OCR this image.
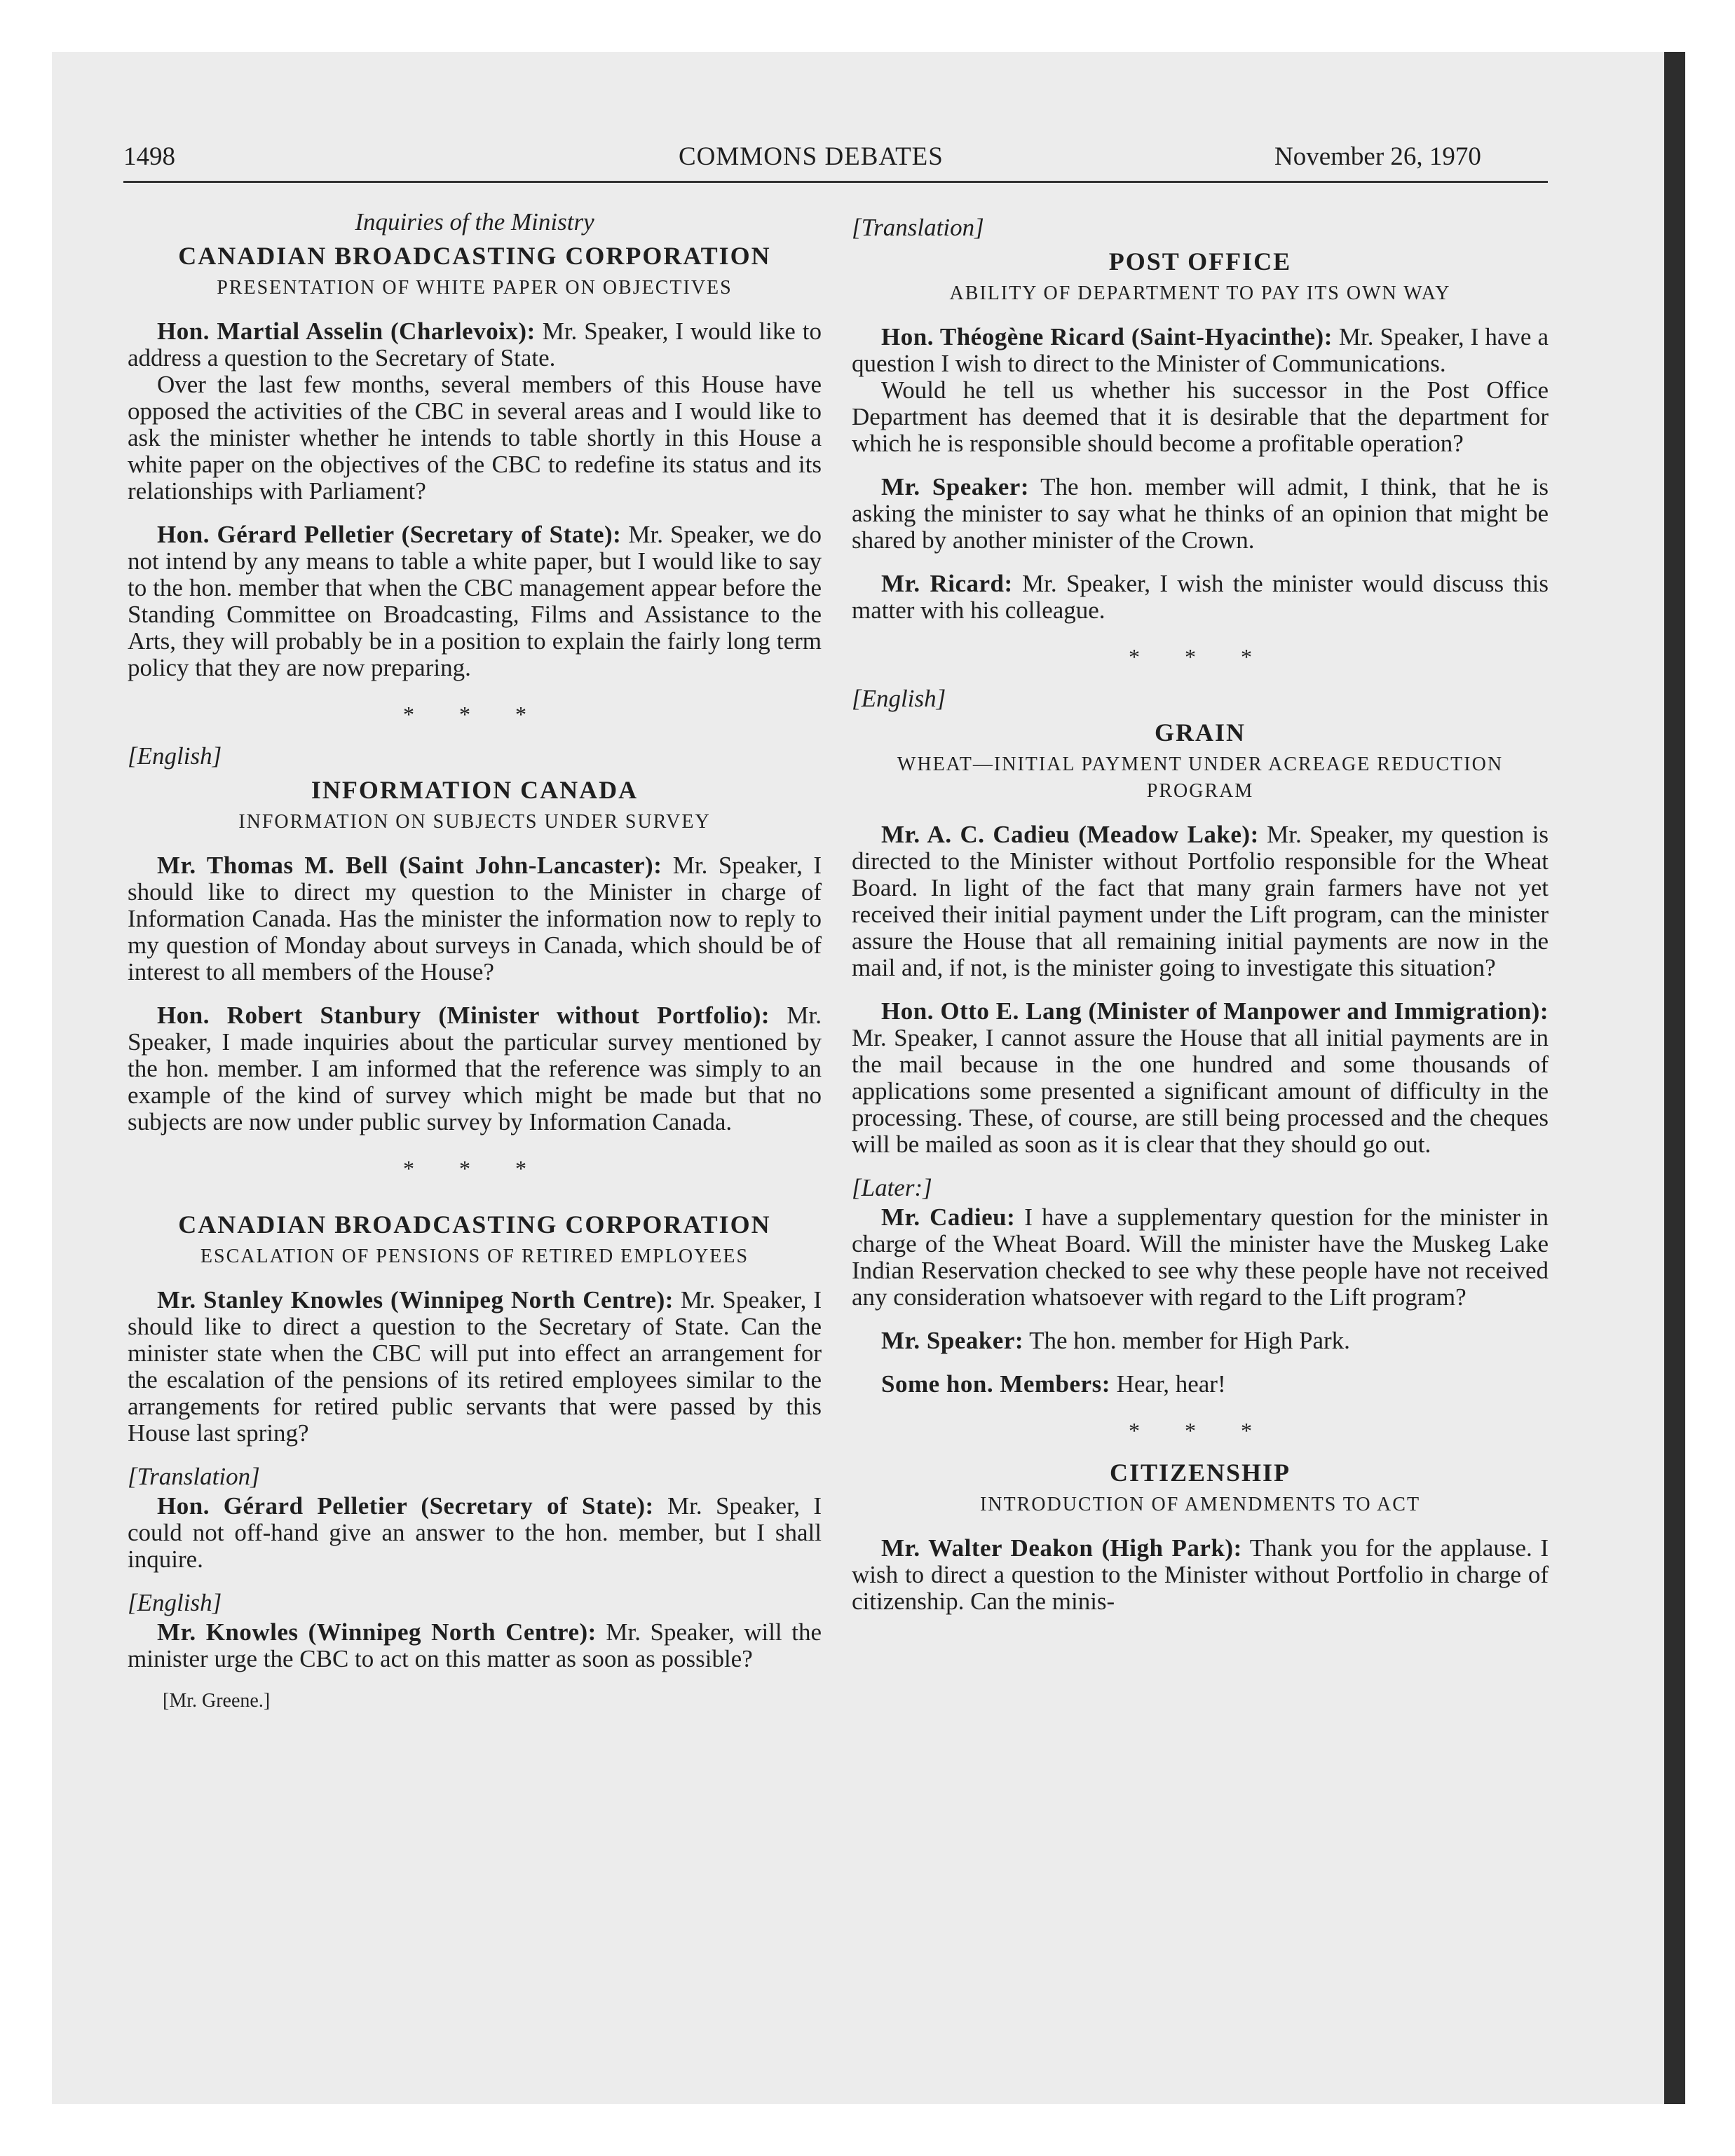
1498	COMMONS DEBATES	November 26, 1970
Inquiries of the Ministry
CANADIAN BROADCASTING CORPORATION
PRESENTATION OF WHITE PAPER ON OBJECTIVES

Hon. Martial Asselin (Charlevoix): Mr. Speaker, I would like to address a question to the Secretary of State.

Over the last few months, several members of this House have opposed the activities of the CBC in several areas and I would like to ask the minister whether he intends to table shortly in this House a white paper on the objectives of the CBC to redefine its status and its relationships with Parliament?

Hon. Gérard Pelletier (Secretary of State): Mr. Speaker, we do not intend by any means to table a white paper, but I would like to say to the hon. member that when the CBC management appear before the Standing Committee on Broadcasting, Films and Assistance to the Arts, they will probably be in a position to explain the fairly long term policy that they are now preparing.

* * *
[English]
INFORMATION CANADA
INFORMATION ON SUBJECTS UNDER SURVEY

Mr. Thomas M. Bell (Saint John-Lancaster): Mr. Speaker, I should like to direct my question to the Minister in charge of Information Canada. Has the minister the information now to reply to my question of Monday about surveys in Canada, which should be of interest to all members of the House?

Hon. Robert Stanbury (Minister without Portfolio): Mr. Speaker, I made inquiries about the particular survey mentioned by the hon. member. I am informed that the reference was simply to an example of the kind of survey which might be made but that no subjects are now under public survey by Information Canada.

* * *
CANADIAN BROADCASTING CORPORATION
ESCALATION OF PENSIONS OF RETIRED EMPLOYEES

Mr. Stanley Knowles (Winnipeg North Centre): Mr. Speaker, I should like to direct a question to the Secretary of State. Can the minister state when the CBC will put into effect an arrangement for the escalation of the pensions of its retired employees similar to the arrangements for retired public servants that were passed by this House last spring?

[Translation]

Hon. Gérard Pelletier (Secretary of State): Mr. Speaker, I could not off-hand give an answer to the hon. member, but I shall inquire.

[English]

Mr. Knowles (Winnipeg North Centre): Mr. Speaker, will the minister urge the CBC to act on this matter as soon as possible?

[Mr. Greene.]
[Translation]
POST OFFICE
ABILITY OF DEPARTMENT TO PAY ITS OWN WAY

Hon. Théogène Ricard (Saint-Hyacinthe): Mr. Speaker, I have a question I wish to direct to the Minister of Communications.

Would he tell us whether his successor in the Post Office Department has deemed that it is desirable that the department for which he is responsible should become a profitable operation?

Mr. Speaker: The hon. member will admit, I think, that he is asking the minister to say what he thinks of an opinion that might be shared by another minister of the Crown.

Mr. Ricard: Mr. Speaker, I wish the minister would discuss this matter with his colleague.

* * *
[English]
GRAIN
WHEAT—INITIAL PAYMENT UNDER ACREAGE REDUCTION PROGRAM

Mr. A. C. Cadieu (Meadow Lake): Mr. Speaker, my question is directed to the Minister without Portfolio responsible for the Wheat Board. In light of the fact that many grain farmers have not yet received their initial payment under the Lift program, can the minister assure the House that all remaining initial payments are now in the mail and, if not, is the minister going to investigate this situation?

Hon. Otto E. Lang (Minister of Manpower and Immigration): Mr. Speaker, I cannot assure the House that all initial payments are in the mail because in the one hundred and some thousands of applications some presented a significant amount of difficulty in the processing. These, of course, are still being processed and the cheques will be mailed as soon as it is clear that they should go out.

[Later:]

Mr. Cadieu: I have a supplementary question for the minister in charge of the Wheat Board. Will the minister have the Muskeg Lake Indian Reservation checked to see why these people have not received any consideration whatsoever with regard to the Lift program?

Mr. Speaker: The hon. member for High Park.

Some hon. Members: Hear, hear!

* * *
CITIZENSHIP
INTRODUCTION OF AMENDMENTS TO ACT

Mr. Walter Deakon (High Park): Thank you for the applause. I wish to direct a question to the Minister without Portfolio in charge of citizenship. Can the minis-
